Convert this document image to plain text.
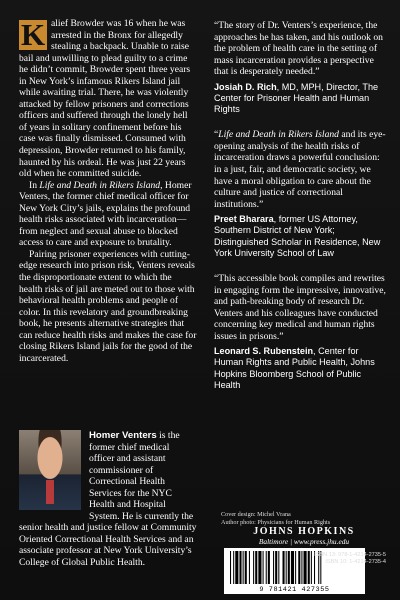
K alief Browder was 16 when he was arrested in the Bronx for allegedly stealing a backpack. Unable to raise bail and unwilling to plead guilty to a crime he didn’t commit, Browder spent three years in New York’s infamous Rikers Island jail while awaiting trial. There, he was violently attacked by fellow prisoners and corrections officers and suffered through the lonely hell of years in solitary confinement before his case was finally dismissed. Consumed with depression, Browder returned to his family, haunted by his ordeal. He was just 22 years old when he committed suicide.

In Life and Death in Rikers Island, Homer Venters, the former chief medical officer for New York City’s jails, explains the profound health risks associated with incarceration—from neglect and sexual abuse to blocked access to care and exposure to brutality.

Pairing prisoner experiences with cutting-edge research into prison risk, Venters reveals the disproportionate extent to which the health risks of jail are meted out to those with behavioral health problems and people of color. In this revelatory and groundbreaking book, he presents alternative strategies that can reduce health risks and makes the case for closing Rikers Island jails for the good of the incarcerated.

“The story of Dr. Venters’s experience, the approaches he has taken, and his outlook on the problem of health care in the setting of mass incarceration provides a perspective that is desperately needed.”

Josiah D. Rich, MD, MPH, Director, The Center for Prisoner Health and Human Rights

“Life and Death in Rikers Island and its eye-opening analysis of the health risks of incarceration draws a powerful conclusion: in a just, fair, and democratic society, we have a moral obligation to care about the culture and justice of correctional institutions.”

Preet Bharara, former US Attorney, Southern District of New York; Distinguished Scholar in Residence, New York University School of Law

“This accessible book compiles and rewrites in engaging form the impressive, innovative, and path-breaking body of research Dr. Venters and his colleagues have conducted concerning key medical and human rights issues in prisons.”

Leonard S. Rubenstein, Center for Human Rights and Public Health, Johns Hopkins Bloomberg School of Public Health

Homer Venters is the former chief medical officer and assistant commissioner of Correctional Health Services for the NYC Health and Hospital System. He is currently the senior health and justice fellow at Community Oriented Correctional Health Services and an associate professor at New York University’s College of Global Public Health.
Cover design: Michel Vrana
Author photo: Physicians for Human Rights
JOHNS HOPKINS
Baltimore | www.press.jhu.edu
9 781421 427355
ISBN 13: 978-1-4214-2735-5
ISBN 10: 1-4214-2735-4
